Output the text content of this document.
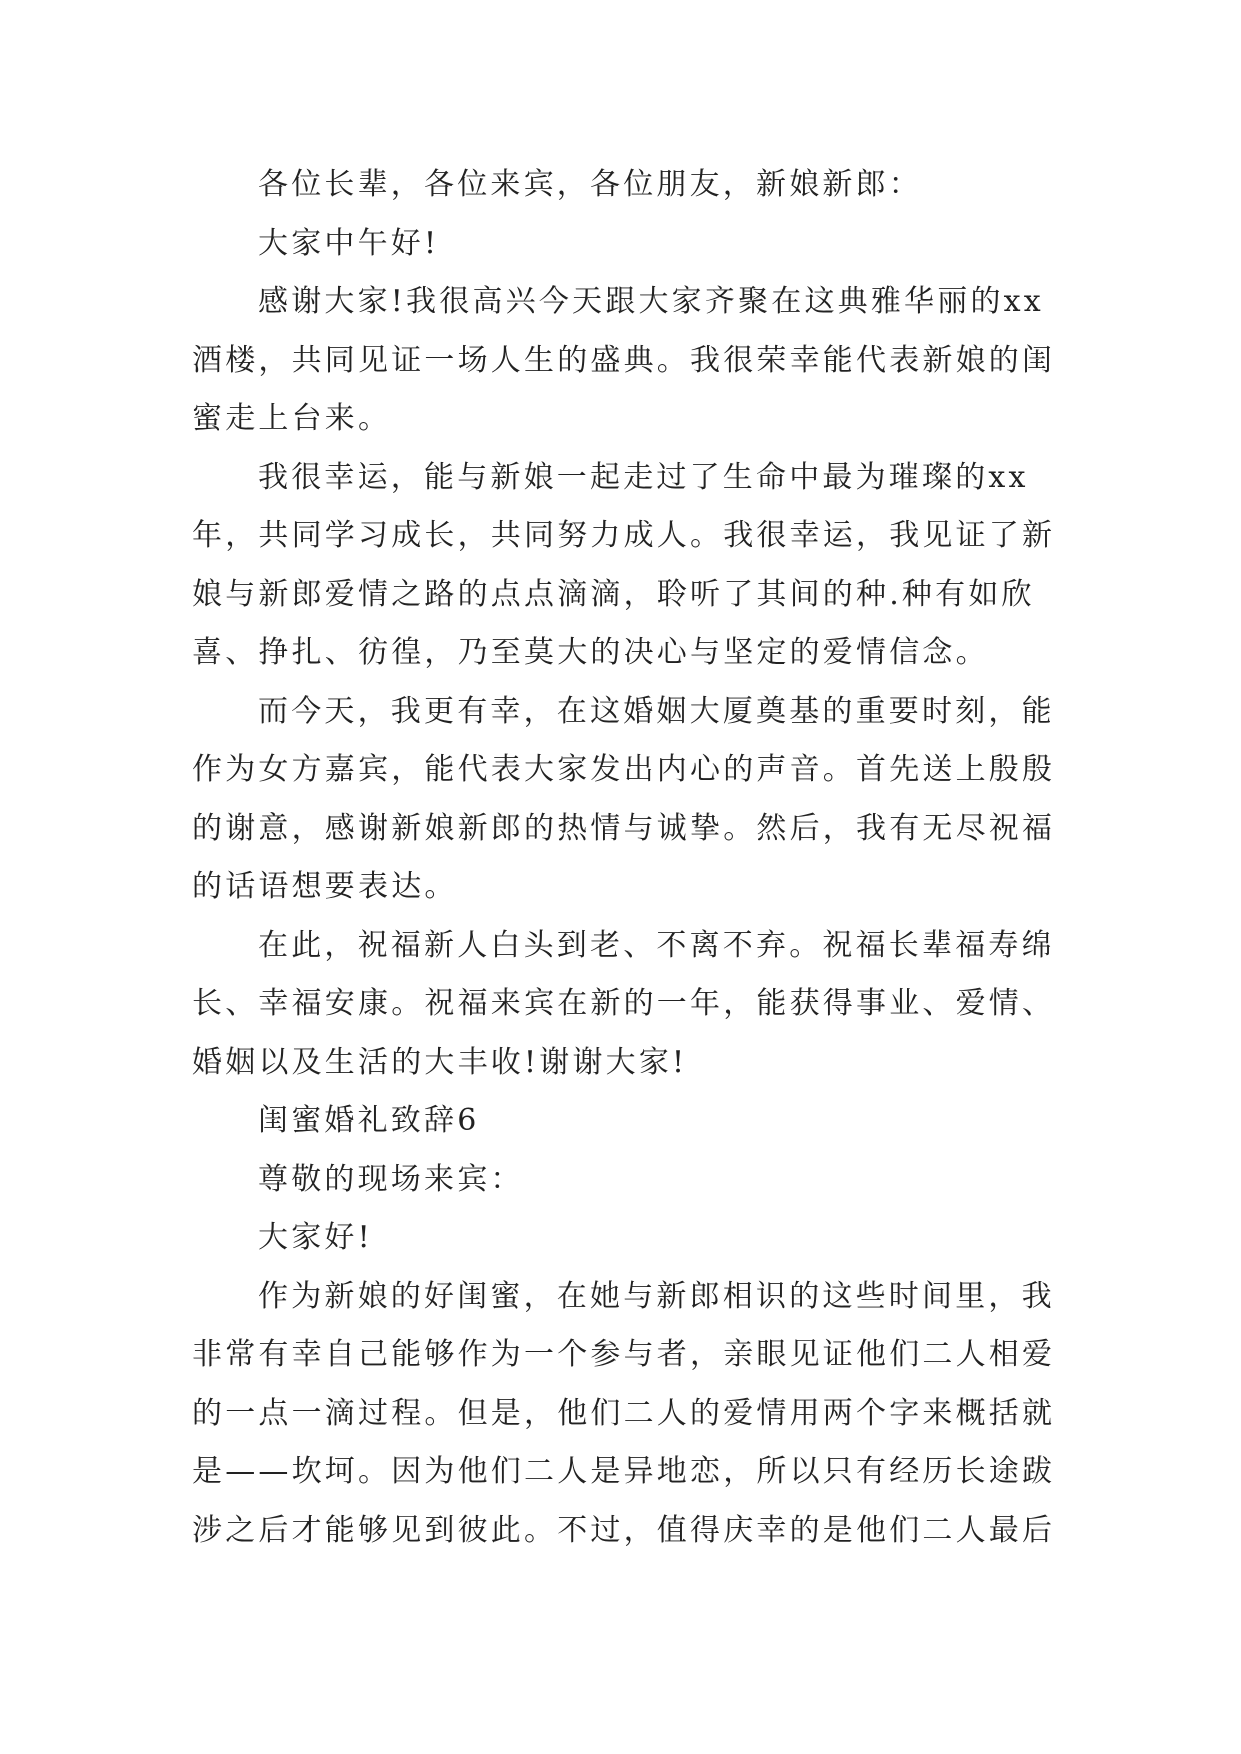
各位长辈，各位来宾，各位朋友，新娘新郎：

大家中午好!

感谢大家!我很高兴今天跟大家齐聚在这典雅华丽的xx酒楼，共同见证一场人生的盛典。我很荣幸能代表新娘的闺蜜走上台来。

我很幸运，能与新娘一起走过了生命中最为璀璨的xx年，共同学习成长，共同努力成人。我很幸运，我见证了新娘与新郎爱情之路的点点滴滴，聆听了其间的种.种有如欣喜、挣扎、彷徨，乃至莫大的决心与坚定的爱情信念。

而今天，我更有幸，在这婚姻大厦奠基的重要时刻，能作为女方嘉宾，能代表大家发出内心的声音。首先送上殷殷的谢意，感谢新娘新郎的热情与诚挚。然后，我有无尽祝福的话语想要表达。

在此，祝福新人白头到老、不离不弃。祝福长辈福寿绵长、幸福安康。祝福来宾在新的一年，能获得事业、爱情、婚姻以及生活的大丰收!谢谢大家!

闺蜜婚礼致辞6

尊敬的现场来宾：

大家好!

作为新娘的好闺蜜，在她与新郎相识的这些时间里，我非常有幸自己能够作为一个参与者，亲眼见证他们二人相爱的一点一滴过程。但是，他们二人的爱情用两个字来概括就是——坎坷。因为他们二人是异地恋，所以只有经历长途跋涉之后才能够见到彼此。不过，值得庆幸的是他们二人最后
